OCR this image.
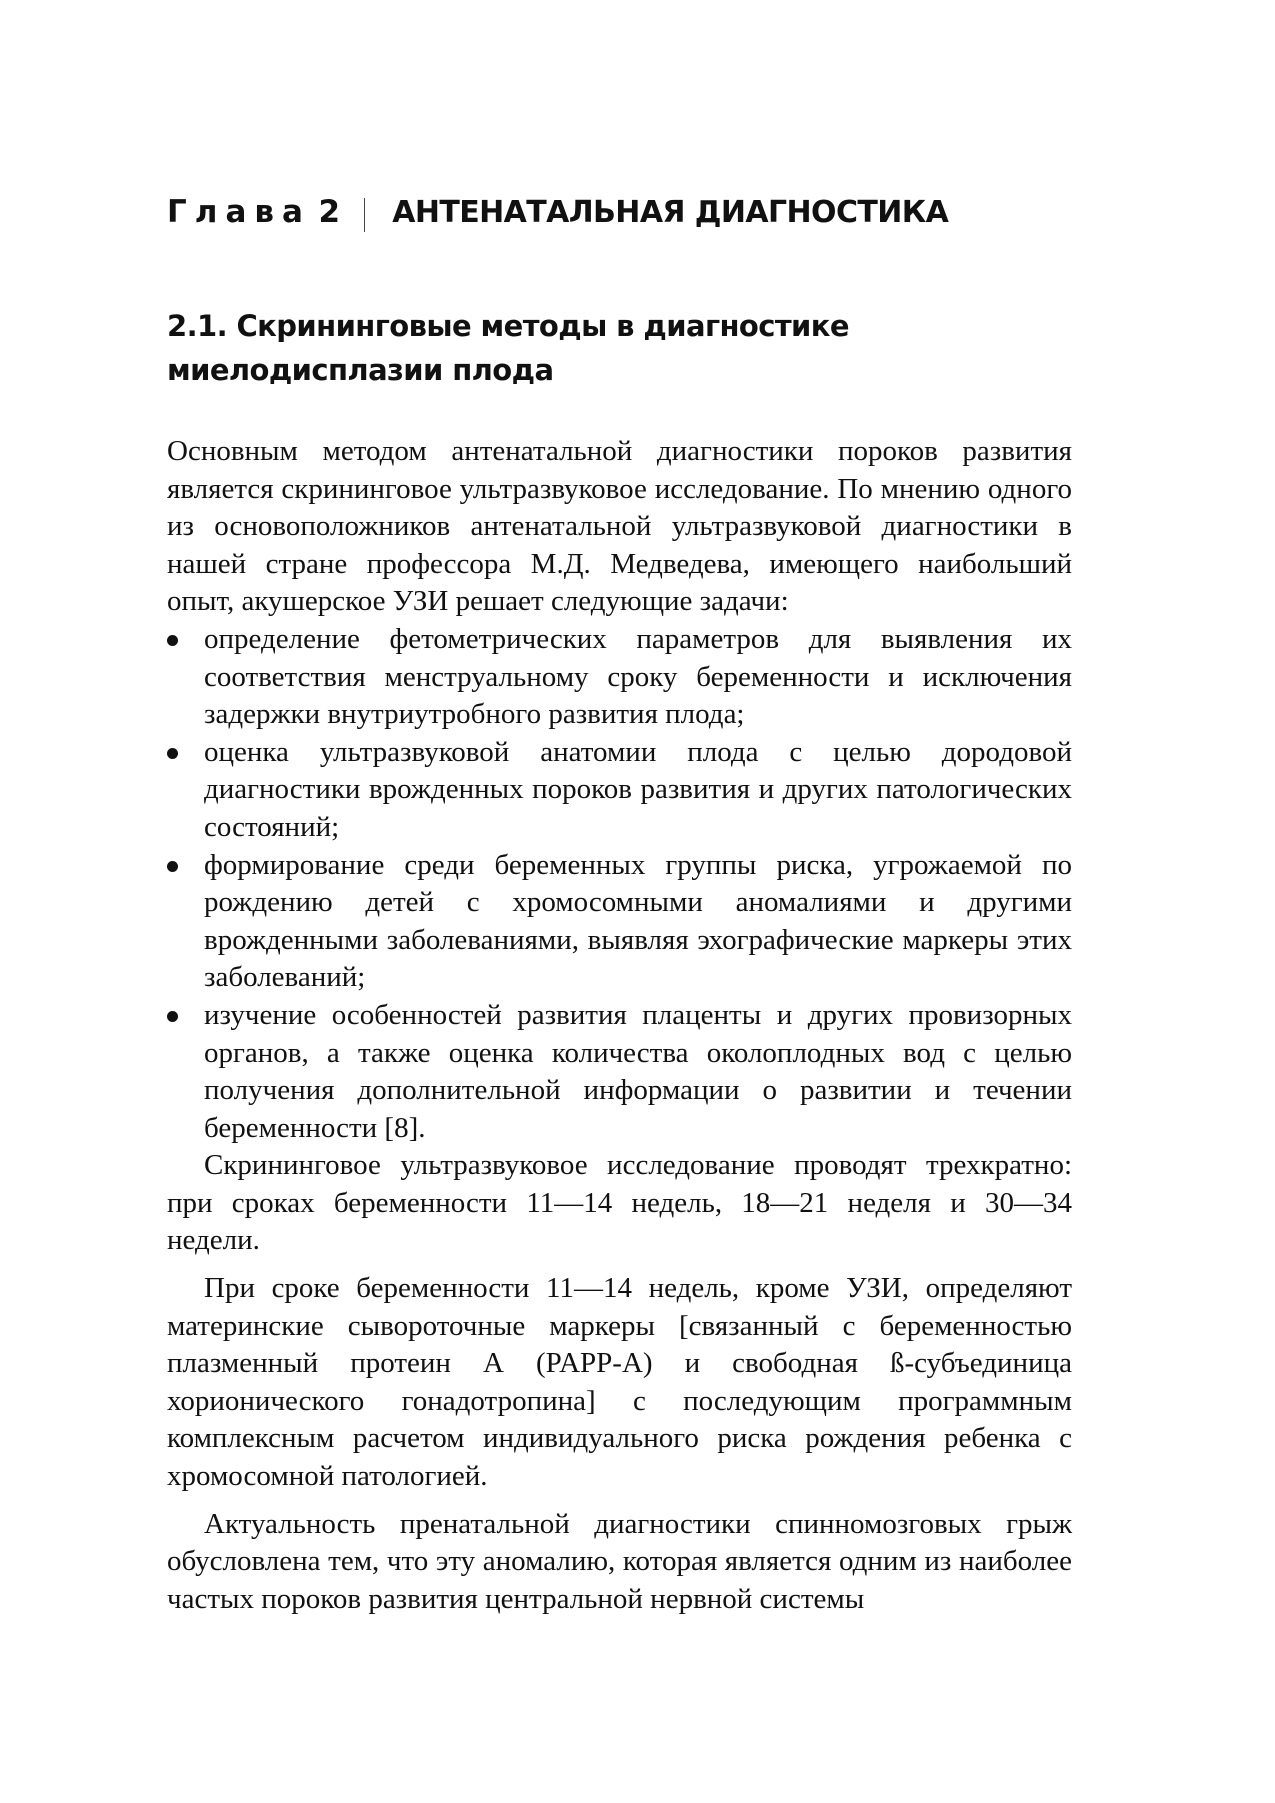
Глава 2 АНТЕНАТАЛЬНАЯ ДИАГНОСТИКА
2.1. Скрининговые методы в диагностике миелодисплазии плода

Основным методом антенатальной диагностики пороков развития является скрининговое ультразвуковое исследование. По мнению одного из основоположников антенатальной ультразвуковой диагностики в нашей стране профессора М.Д. Медведева, имеющего наибольший опыт, акушерское УЗИ решает следующие задачи:

определение фетометрических параметров для выявления их соответствия менструальному сроку беременности и исключения задержки внутриутробного развития плода;
оценка ультразвуковой анатомии плода с целью дородовой диагностики врожденных пороков развития и других патологических состояний;
формирование среди беременных группы риска, угрожаемой по рождению детей с хромосомными аномалиями и другими врожденными заболеваниями, выявляя эхографические маркеры этих заболеваний;
изучение особенностей развития плаценты и других провизорных органов, а также оценка количества околоплодных вод с целью получения дополнительной информации о развитии и течении беременности [8].

Скрининговое ультразвуковое исследование проводят трехкратно: при сроках беременности 11—14 недель, 18—21 неделя и 30—34 недели.

При сроке беременности 11—14 недель, кроме УЗИ, определяют материнские сывороточные маркеры [связанный с беременностью плазменный протеин А (PAPP-A) и свободная ß-субъединица хорионического гонадотропина] с последующим программным комплексным расчетом индивидуального риска рождения ребенка с хромосомной патологией.

Актуальность пренатальной диагностики спинномозговых грыж обусловлена тем, что эту аномалию, которая является одним из наиболее частых пороков развития центральной нервной системы
